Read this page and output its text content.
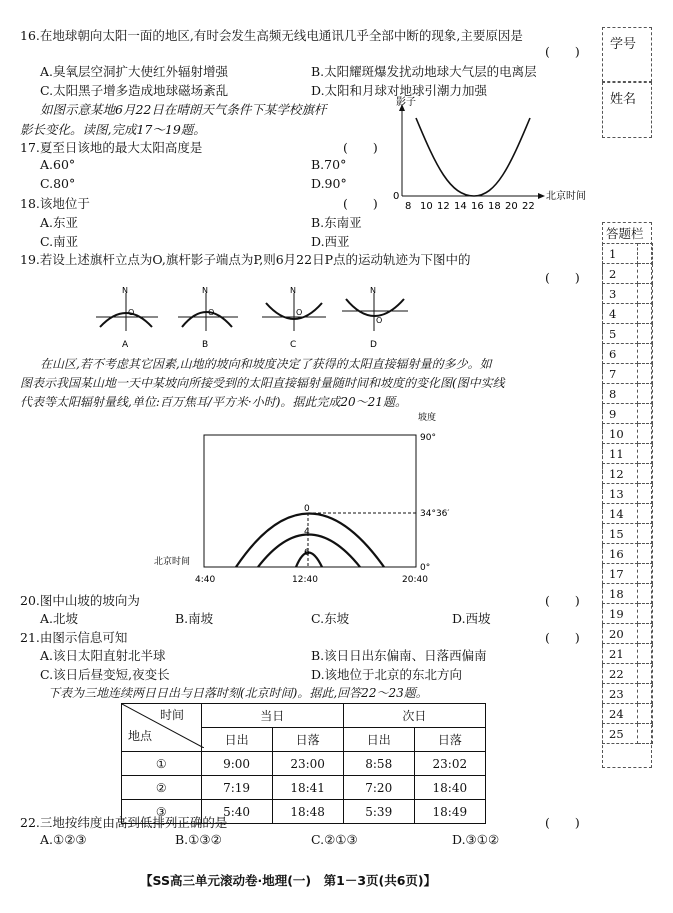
学号
姓名
答题栏
1	
2	
3	
4	
5	
6	
7	
8	
9	
10	
11	
12	
13	
14	
15	
16	
17	
18	
19	
20	
21	
22	
23	
24	
25	
16.在地球朝向太阳一面的地区,有时会发生高频无线电通讯几乎全部中断的现象,主要原因是
(　　)
A.臭氧层空洞扩大使红外辐射增强	B.太阳耀斑爆发扰动地球大气层的电离层
C.太阳黑子增多造成地球磁场紊乱	D.太阳和月球对地球引潮力加强
如图示意某地6月22日在晴朗天气条件下某学校旗杆
影长变化。读图,完成17～19题。
17.夏至日该地的最大太阳高度是	(　　)
A.60°	B.70°
C.80°	D.90°
18.该地位于	(　　)
A.东亚	B.东南亚
C.南亚	D.西亚
影子
北京时间
0
8 10 12 14 16 18 20 22
19.若设上述旗杆立点为O,旗杆影子端点为P,则6月22日P点的运动轨迹为下图中的
(　　)
N
O
A
N
O
B
N
O
C
N
O
D
在山区,若不考虑其它因素,山地的坡向和坡度决定了获得的太阳直接辐射量的多少。如
图表示我国某山地一天中某坡向所接受到的太阳直接辐射量随时间和坡度的变化图(图中实线
代表等太阳辐射量线,单位:百万焦耳/平方米·小时)。据此完成20～21题。
坡度
90°
34°36′
0°
北京时间
4:40	12:40	20:40
0
4
6
20.图中山坡的坡向为	(　　)
A.北坡	B.南坡	C.东坡	D.西坡
21.由图示信息可知	(　　)
A.该日太阳直射北半球	B.该日日出东偏南、日落西偏南
C.该日后昼变短,夜变长	D.该地位于北京的东北方向
下表为三地连续两日日出与日落时刻(北京时间)。据此,回答22～23题。
时间
地点	当日		次日	
	日出	日落	日出	日落
①	9:00	23:00	8:58	23:02
②	7:19	18:41	7:20	18:40
③	5:40	18:48	5:39	18:49
22.三地按纬度由高到低排列正确的是	(　　)
A.①②③	B.①③②	C.②①③	D.③①②
【SS高三单元滚动卷·地理(一)　第1－3页(共6页)】
